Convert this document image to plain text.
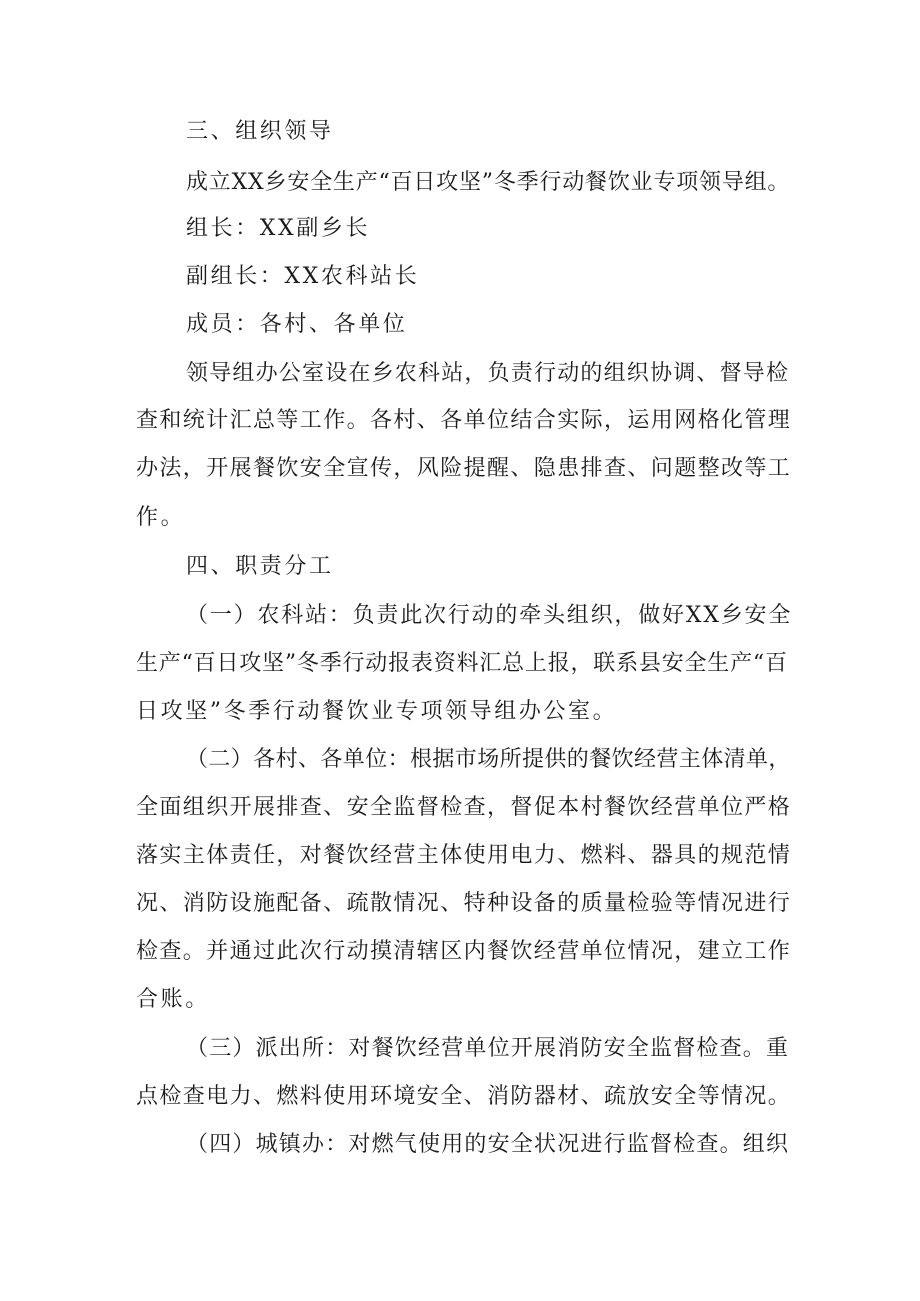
三、组织领导
成立XX乡安全生产“百日攻坚”冬季行动餐饮业专项领导组。
组长：XX副乡长
副组长：XX农科站长
成员：各村、各单位
领导组办公室设在乡农科站，负责行动的组织协调、督导检
查和统计汇总等工作。各村、各单位结合实际，运用网格化管理
办法，开展餐饮安全宣传，风险提醒、隐患排查、问题整改等工
作。
四、职责分工
（一）农科站：负责此次行动的牵头组织，做好XX乡安全
生产“百日攻坚”冬季行动报表资料汇总上报，联系县安全生产“百
日攻坚”冬季行动餐饮业专项领导组办公室。
（二）各村、各单位：根据市场所提供的餐饮经营主体清单，
全面组织开展排查、安全监督检查，督促本村餐饮经营单位严格
落实主体责任，对餐饮经营主体使用电力、燃料、器具的规范情
况、消防设施配备、疏散情况、特种设备的质量检验等情况进行
检查。并通过此次行动摸清辖区内餐饮经营单位情况，建立工作
合账。
（三）派出所：对餐饮经营单位开展消防安全监督检查。重
点检查电力、燃料使用环境安全、消防器材、疏放安全等情况。
（四）城镇办：对燃气使用的安全状况进行监督检查。组织
